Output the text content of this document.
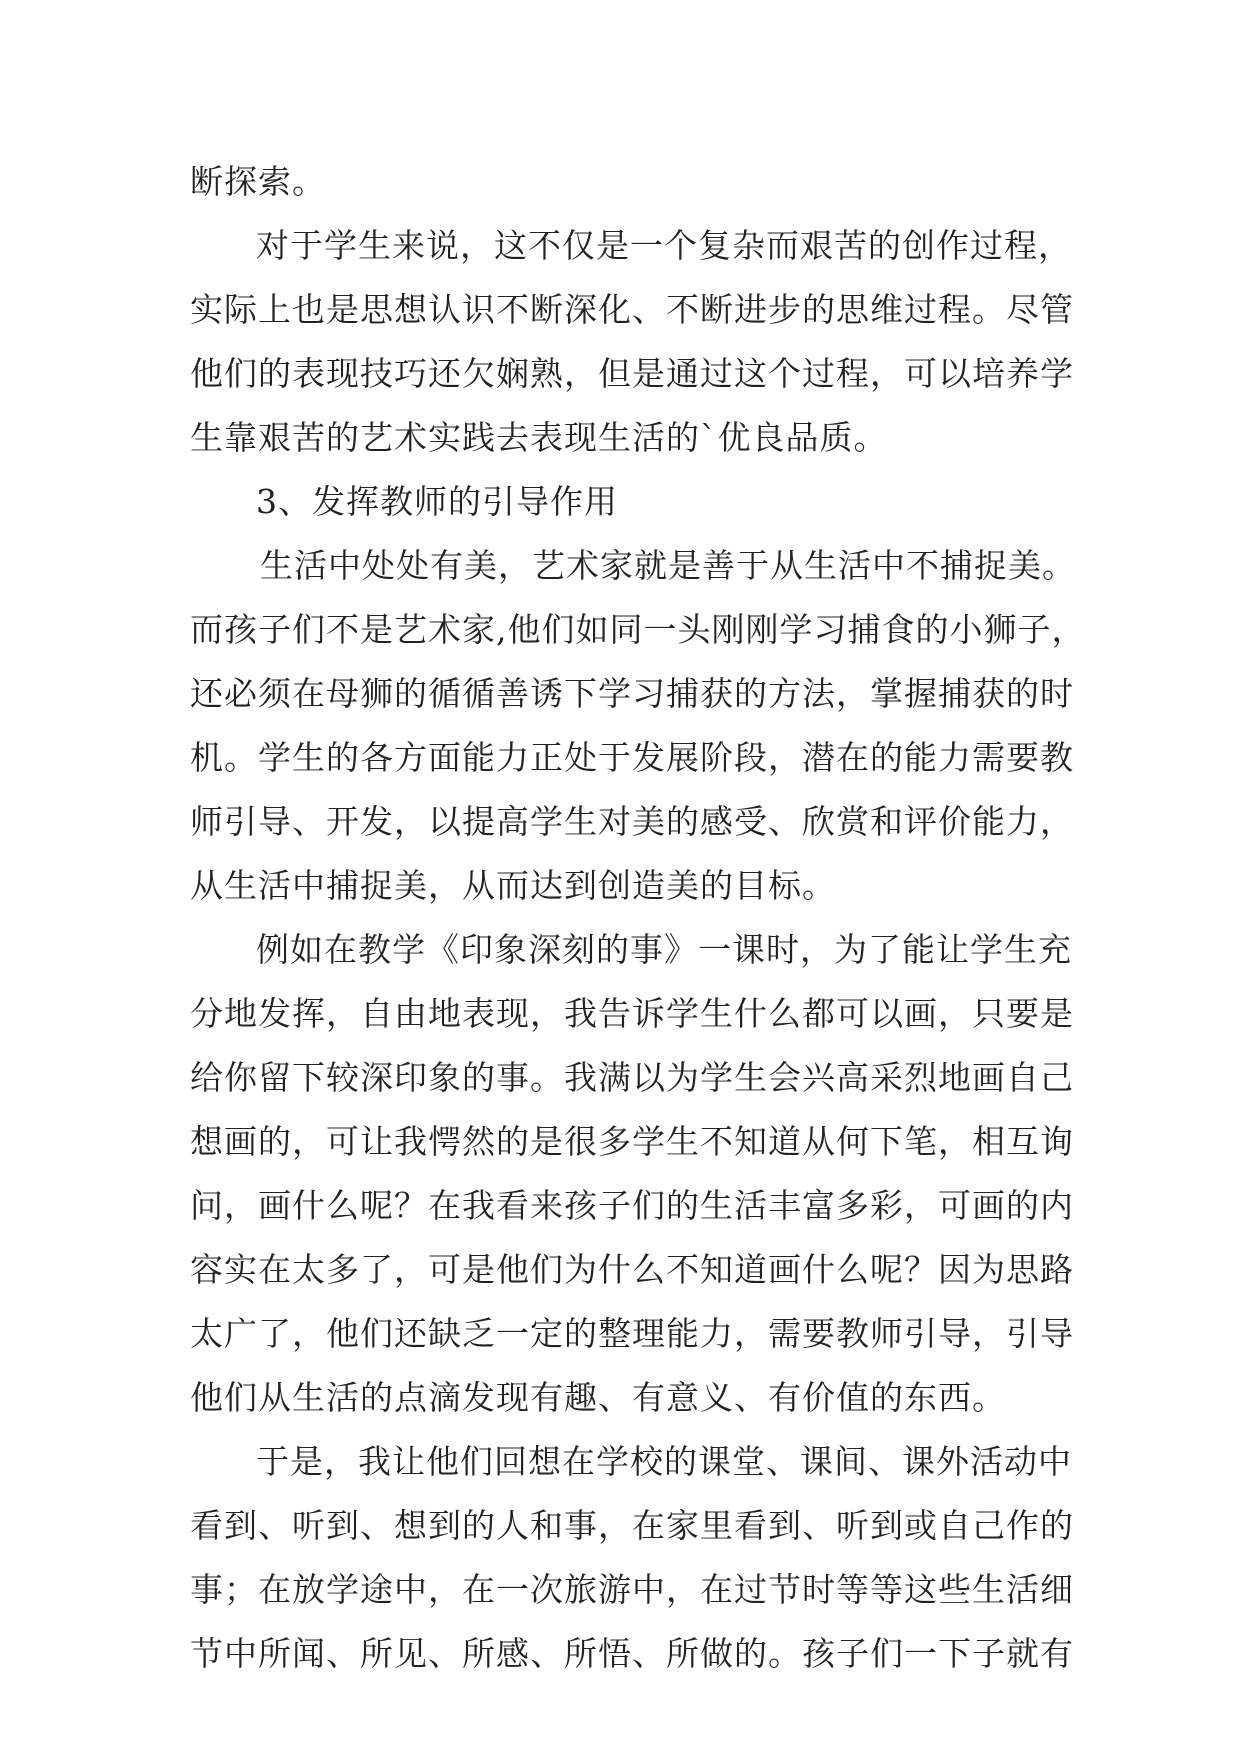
断探索。
对于学生来说，这不仅是一个复杂而艰苦的创作过程，
实际上也是思想认识不断深化、不断进步的思维过程。尽管
他们的表现技巧还欠娴熟，但是通过这个过程，可以培养学
生靠艰苦的艺术实践去表现生活的`优良品质。
3、发挥教师的引导作用
生活中处处有美，艺术家就是善于从生活中不捕捉美。
而孩子们不是艺术家,他们如同一头刚刚学习捕食的小狮子，
还必须在母狮的循循善诱下学习捕获的方法，掌握捕获的时
机。学生的各方面能力正处于发展阶段，潜在的能力需要教
师引导、开发，以提高学生对美的感受、欣赏和评价能力，
从生活中捕捉美，从而达到创造美的目标。
例如在教学《印象深刻的事》一课时，为了能让学生充
分地发挥，自由地表现，我告诉学生什么都可以画，只要是
给你留下较深印象的事。我满以为学生会兴高采烈地画自己
想画的，可让我愕然的是很多学生不知道从何下笔，相互询
问，画什么呢？在我看来孩子们的生活丰富多彩，可画的内
容实在太多了，可是他们为什么不知道画什么呢？因为思路
太广了，他们还缺乏一定的整理能力，需要教师引导，引导
他们从生活的点滴发现有趣、有意义、有价值的东西。
于是，我让他们回想在学校的课堂、课间、课外活动中
看到、听到、想到的人和事，在家里看到、听到或自己作的
事；在放学途中，在一次旅游中，在过节时等等这些生活细
节中所闻、所见、所感、所悟、所做的。孩子们一下子就有
